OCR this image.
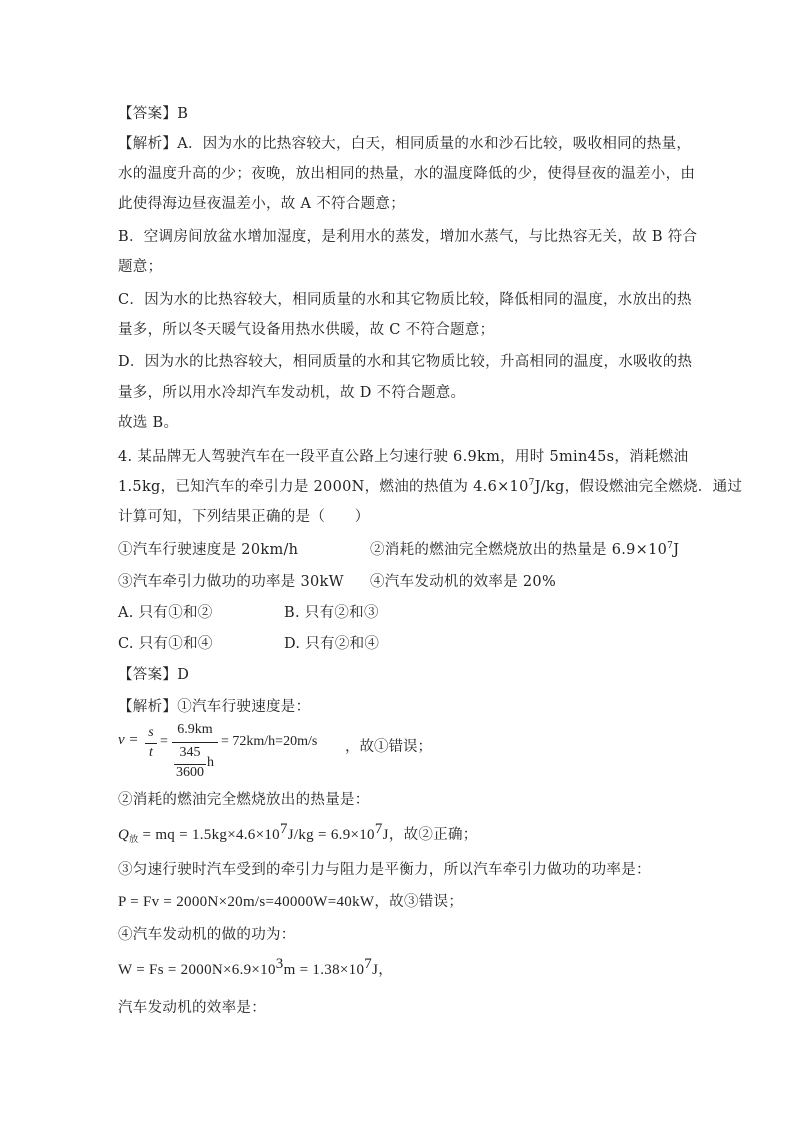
【答案】B
【解析】A．因为水的比热容较大，白天，相同质量的水和沙石比较，吸收相同的热量，
水的温度升高的少；夜晚，放出相同的热量，水的温度降低的少，使得昼夜的温差小，由
此使得海边昼夜温差小，故 A 不符合题意；
B．空调房间放盆水增加湿度，是利用水的蒸发，增加水蒸气，与比热容无关，故 B 符合
题意；
C．因为水的比热容较大，相同质量的水和其它物质比较，降低相同的温度，水放出的热
量多，所以冬天暖气设备用热水供暖，故 C 不符合题意；
D．因为水的比热容较大，相同质量的水和其它物质比较，升高相同的温度，水吸收的热
量多，所以用水冷却汽车发动机，故 D 不符合题意。
故选 B。
4. 某品牌无人驾驶汽车在一段平直公路上匀速行驶 6.9km，用时 5min45s，消耗燃油
1.5kg，已知汽车的牵引力是 2000N，燃油的热值为 $4.6\times 10^7J/kg$，假设燃油完全燃烧．通过
计算可知，下列结果正确的是（　　）
①汽车行驶速度是 20km/h	②消耗的燃油完全燃烧放出的热量是 $6.9\times 10^7J$
③汽车牵引力做功的功率是 30kW ④汽车发动机的效率是 20%
A. 只有①和②	B. 只有②和③
C. 只有①和④	D. 只有②和④
【答案】D
【解析】①汽车行驶速度是：
v = s
t
=
6.9km
345
3600
h
= 72km/h=20m/s ，故①错误；
②消耗的燃油完全燃烧放出的热量是：
$Q_放$ = mq = $1.5kg\times 4.6\times 10^7J/kg = 6.9\times 10^7J$，故②正确；
③匀速行驶时汽车受到的牵引力与阻力是平衡力，所以汽车牵引力做功的功率是：
P = Fv = 2000N×20m/s=40000W=40kW，故③错误；
④汽车发动机的做的功为：
$W = Fs = 2000N\times 6.9\times 10^3m = 1.38\times 10^7J$，
汽车发动机的效率是：
